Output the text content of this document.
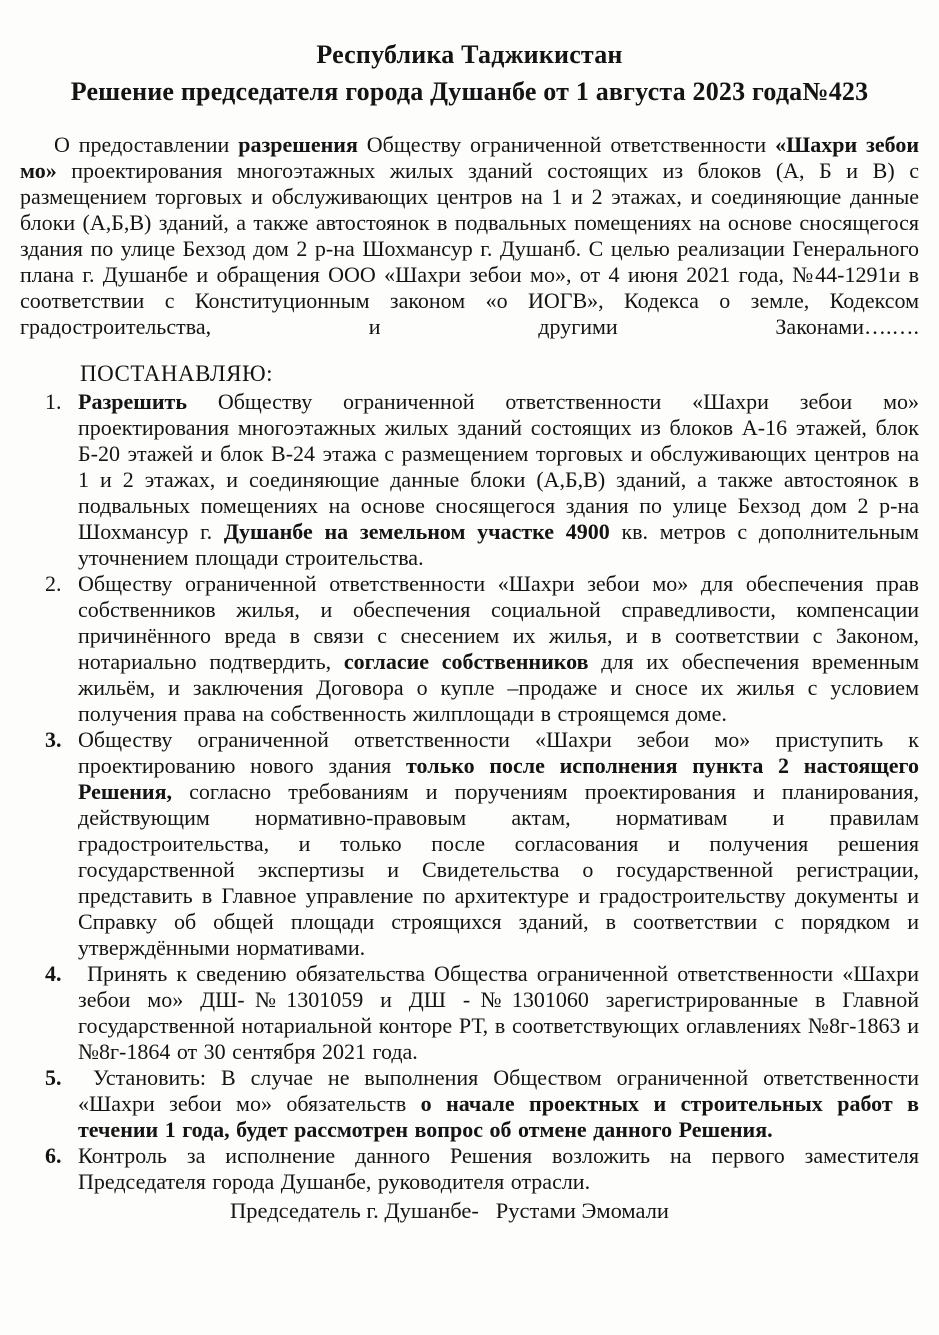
Республика Таджикистан
Решение председателя города Душанбе от 1 августа 2023 года№423

О предоставлении разрешения Обществу ограниченной ответственности «Шахри зебои мо» проектирования многоэтажных жилых зданий состоящих из блоков (А, Б и В) с размещением торговых и обслуживающих центров на 1 и 2 этажах, и соединяющие данные блоки (А,Б,В) зданий, а также автостоянок в подвальных помещениях на основе сносящегося здания по улице Бехзод дом 2 р-на Шохмансур г. Душанб. С целью реализации Генерального плана г. Душанбе и обращения ООО «Шахри зебои мо», от 4 июня 2021 года, №44-1291и в соответствии с Конституционным законом «о ИОГВ», Кодекса о земле, Кодексом градостроительства, и другими Законами….….

ПОСТАНАВЛЯЮ:
1. Разрешить Обществу ограниченной ответственности «Шахри зебои мо» проектирования многоэтажных жилых зданий состоящих из блоков А-16 этажей, блок Б-20 этажей и блок В-24 этажа с размещением торговых и обслуживающих центров на 1 и 2 этажах, и соединяющие данные блоки (А,Б,В) зданий, а также автостоянок в подвальных помещениях на основе сносящегося здания по улице Бехзод дом 2 р-на Шохмансур г. Душанбе на земельном участке 4900 кв. метров с дополнительным уточнением площади строительства.
2. Обществу ограниченной ответственности «Шахри зебои мо» для обеспечения прав собственников жилья, и обеспечения социальной справедливости, компенсации причинённого вреда в связи с снесением их жилья, и в соответствии с Законом, нотариально подтвердить, согласие собственников для их обеспечения временным жильём, и заключения Договора о купле –продаже и сносе их жилья с условием получения права на собственность жилплощади в строящемся доме.
3. Обществу ограниченной ответственности «Шахри зебои мо» приступить к проектированию нового здания только после исполнения пункта 2 настоящего Решения, согласно требованиям и поручениям проектирования и планирования, действующим нормативно-правовым актам, нормативам и правилам градостроительства, и только после согласования и получения решения государственной экспертизы и Свидетельства о государственной регистрации, представить в Главное управление по архитектуре и градостроительству документы и Справку об общей площади строящихся зданий, в соответствии с порядком и утверждёнными нормативами.
4. Принять к сведению обязательства Общества ограниченной ответственности «Шахри зебои мо» ДШ-№1301059 и ДШ -№1301060 зарегистрированные в Главной государственной нотариальной конторе РТ, в соответствующих оглавлениях №8г-1863 и №8г-1864 от 30 сентября 2021 года.
5. Установить: В случае не выполнения Обществом ограниченной ответственности «Шахри зебои мо» обязательств о начале проектных и строительных работ в течении 1 года, будет рассмотрен вопрос об отмене данного Решения.
6. Контроль за исполнение данного Решения возложить на первого заместителя Председателя города Душанбе, руководителя отрасли.
Председатель г. Душанбе-   Рустами Эмомали
